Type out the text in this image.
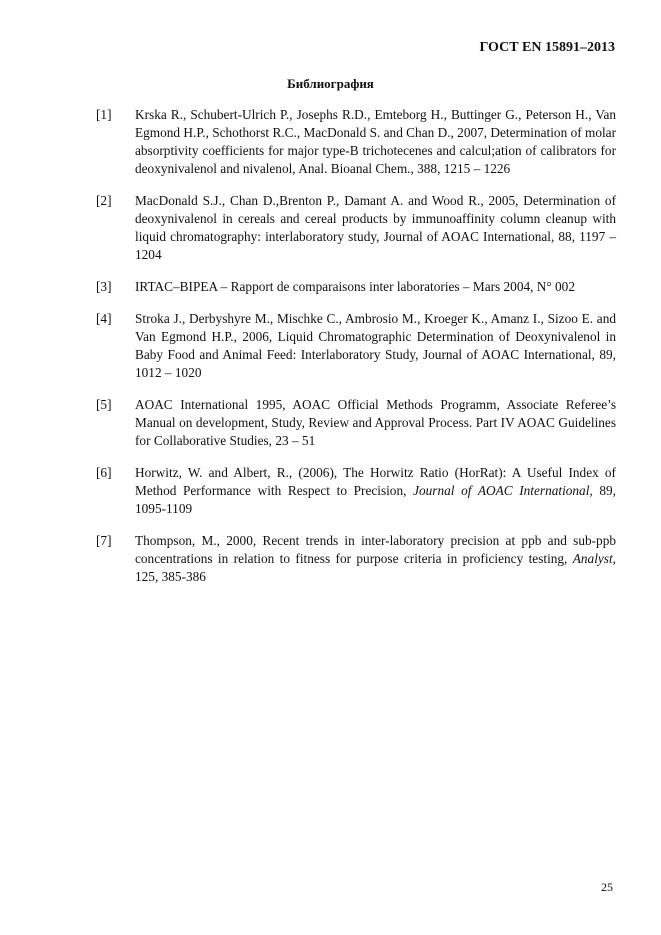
ГОСТ EN 15891–2013
Библиография
[1]	Krska R., Schubert-Ulrich P., Josephs R.D., Emteborg H., Buttinger G., Peterson H., Van Egmond H.P., Schothorst R.C., MacDonald S. and Chan D., 2007, Determination of molar absorptivity coefficients for major type-B trichotecenes and calcul;ation of calibrators for deoxynivalenol and nivalenol, Anal. Bioanal Chem., 388, 1215 – 1226
[2]	MacDonald S.J., Chan D.,Brenton P., Damant A. and Wood R., 2005, Determination of deoxynivalenol in cereals and cereal products by immunoaffinity column cleanup with liquid chromatography: interlaboratory study, Journal of AOAC International, 88, 1197 – 1204
[3]	IRTAC–BIPEA – Rapport de comparaisons inter laboratories – Mars 2004, N° 002
[4]	Stroka J., Derbyshyre M., Mischke C., Ambrosio M., Kroeger K., Amanz I., Sizoo E. and Van Egmond H.P., 2006, Liquid Chromatographic Determination of Deoxynivalenol in Baby Food and Animal Feed: Interlaboratory Study, Journal of AOAC International, 89, 1012 – 1020
[5]	AOAC International 1995, AOAC Official Methods Programm, Associate Referee’s Manual on development, Study, Review and Approval Process. Part IV AOAC Guidelines for Collaborative Studies, 23 – 51
[6]	Horwitz, W. and Albert, R., (2006), The Horwitz Ratio (HorRat): A Useful Index of Method Performance with Respect to Precision, Journal of AOAC International, 89, 1095-1109
[7]	Thompson, M., 2000, Recent trends in inter-laboratory precision at ppb and sub-ppb concentrations in relation to fitness for purpose criteria in proficiency testing, Analyst, 125, 385-386
25
